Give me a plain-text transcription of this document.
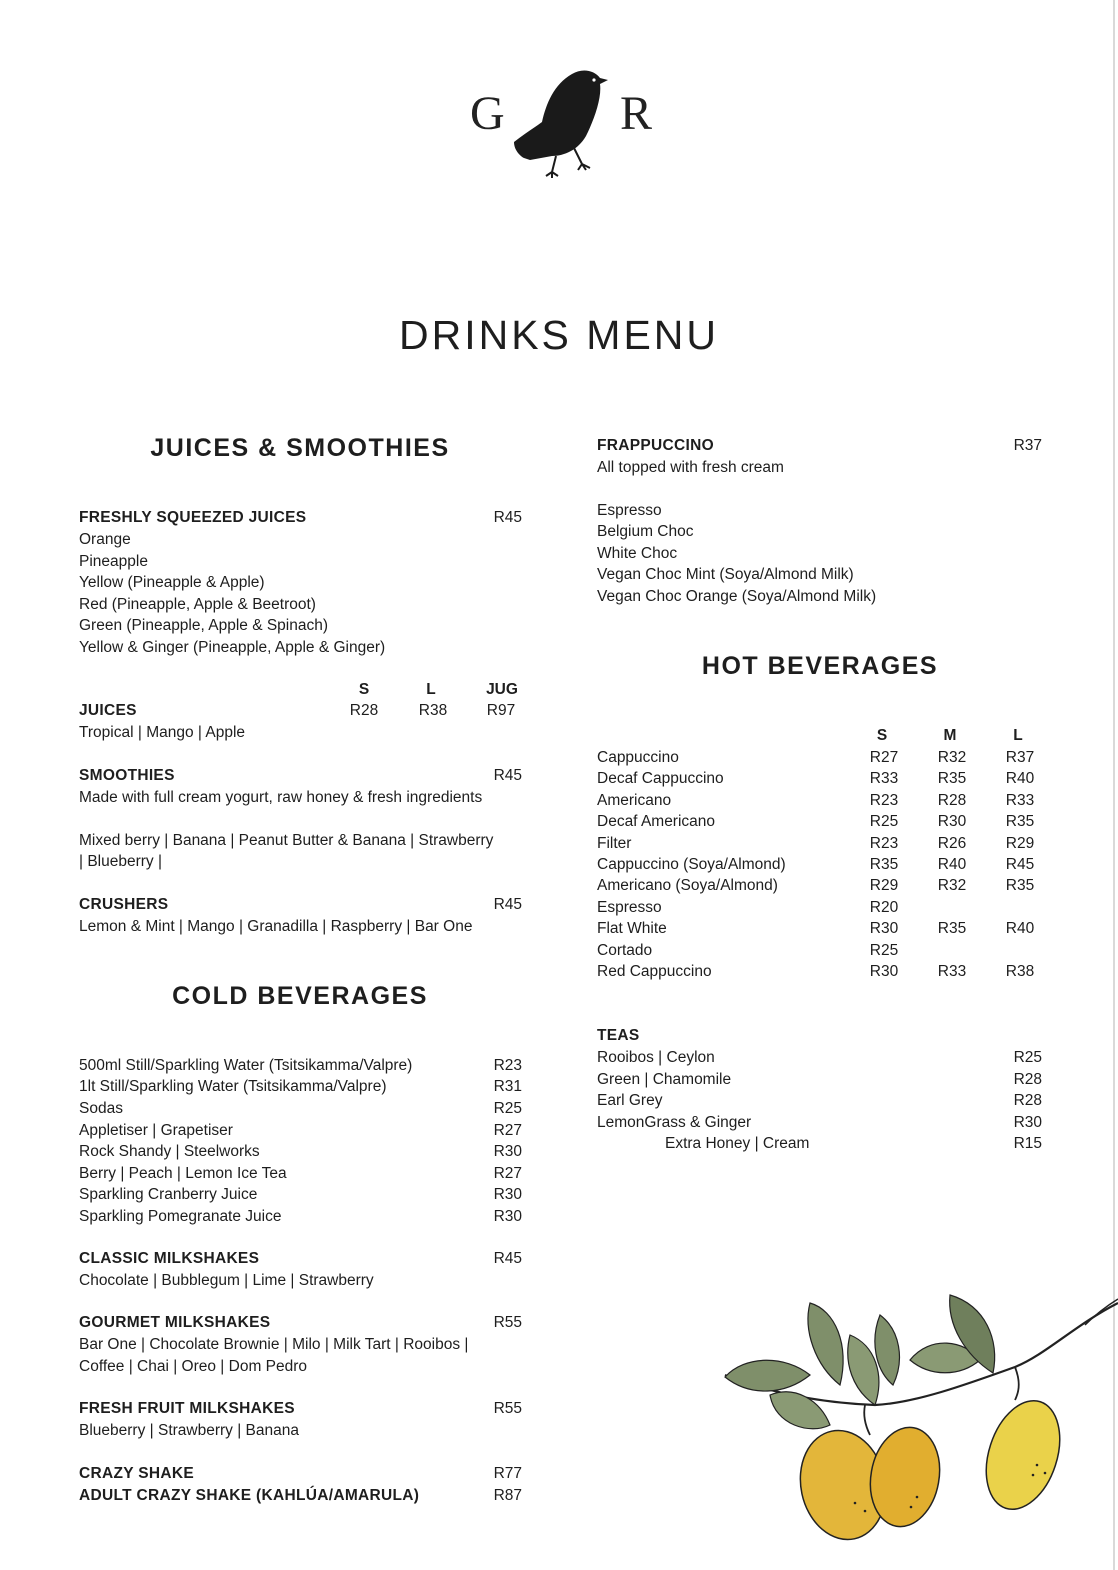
G R
DRINKS MENU
JUICES & SMOOTHIES
FRESHLY SQUEEZED JUICES	R45
Orange
Pineapple
Yellow (Pineapple & Apple)
Red (Pineapple, Apple & Beetroot)
Green (Pineapple, Apple & Spinach)
Yellow & Ginger (Pineapple, Apple & Ginger)
S	L	JUG
JUICES	R28	R38	R97
Tropical | Mango | Apple
SMOOTHIES	R45
Made with full cream yogurt, raw honey & fresh ingredients
Mixed berry | Banana | Peanut Butter & Banana | Strawberry
| Blueberry |
CRUSHERS	R45
Lemon & Mint | Mango | Granadilla | Raspberry | Bar One
COLD BEVERAGES
500ml Still/Sparkling Water (Tsitsikamma/Valpre)	R23
1lt Still/Sparkling Water (Tsitsikamma/Valpre)	R31
Sodas	R25
Appletiser | Grapetiser	R27
Rock Shandy | Steelworks	R30
Berry | Peach | Lemon Ice Tea	R27
Sparkling Cranberry Juice	R30
Sparkling Pomegranate Juice	R30
CLASSIC MILKSHAKES	R45
Chocolate | Bubblegum | Lime | Strawberry
GOURMET MILKSHAKES	R55
Bar One | Chocolate Brownie | Milo | Milk Tart | Rooibos |
Coffee | Chai | Oreo | Dom Pedro
FRESH FRUIT MILKSHAKES	R55
Blueberry | Strawberry | Banana
CRAZY SHAKE	R77
ADULT CRAZY SHAKE (KAHLÚA/AMARULA)	R87
FRAPPUCCINO	R37
All topped with fresh cream
Espresso
Belgium Choc
White Choc
Vegan Choc Mint (Soya/Almond Milk)
Vegan Choc Orange (Soya/Almond Milk)
HOT BEVERAGES
S	M	L
Cappuccino	R27	R32	R37
Decaf Cappuccino	R33	R35	R40
Americano	R23	R28	R33
Decaf Americano	R25	R30	R35
Filter	R23	R26	R29
Cappuccino (Soya/Almond)	R35	R40	R45
Americano (Soya/Almond)	R29	R32	R35
Espresso	R20
Flat White	R30	R35	R40
Cortado	R25
Red Cappuccino	R30	R33	R38
TEAS
Rooibos | Ceylon	R25
Green | Chamomile	R28
Earl Grey	R28
LemonGrass & Ginger	R30
Extra Honey | Cream	R15
